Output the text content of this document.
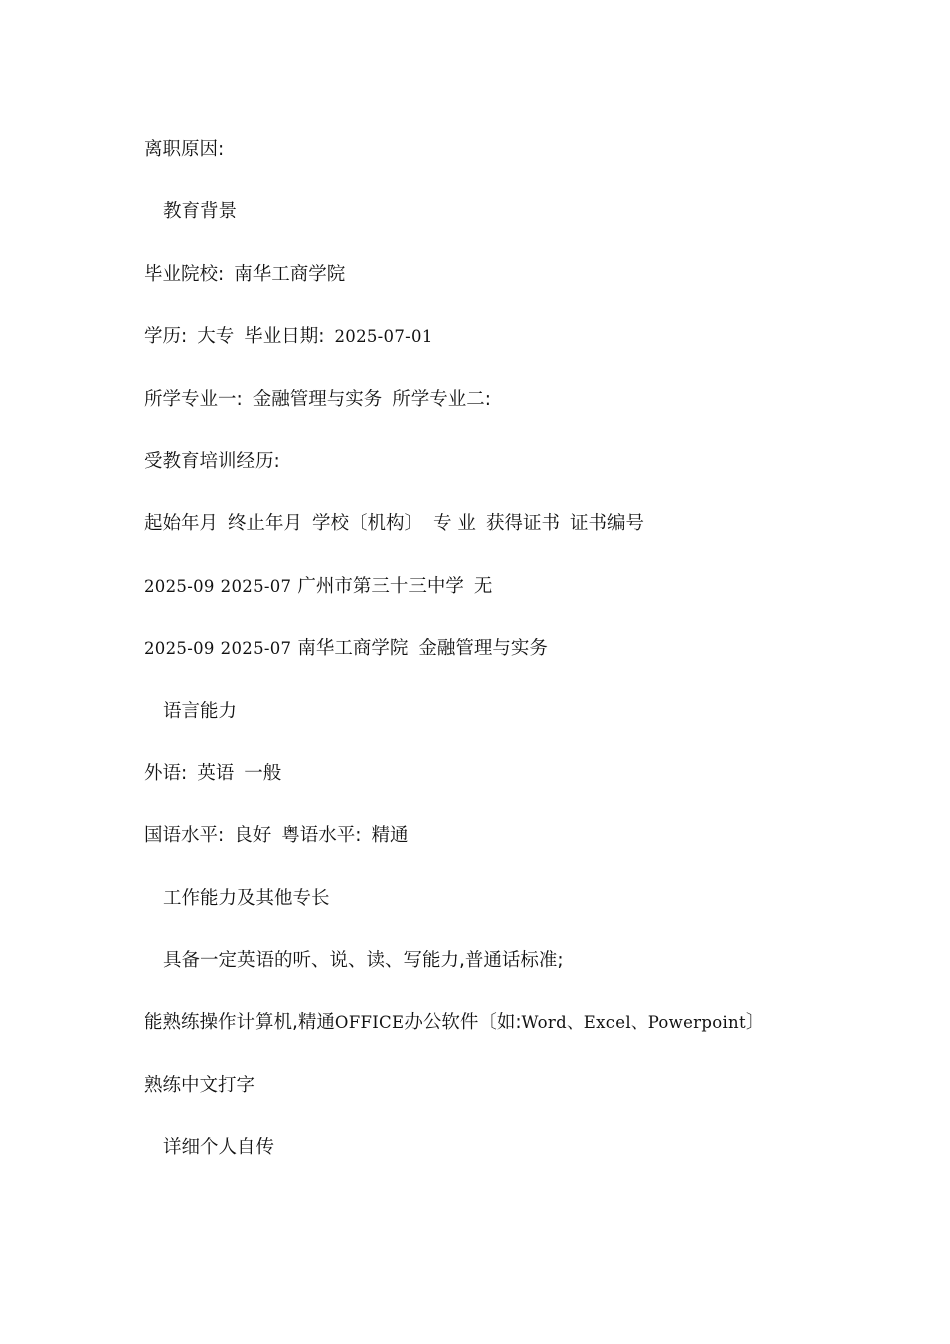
离职原因:
教育背景
毕业院校: 南华工商学院
学历: 大专 毕业日期: 2025-07-01
所学专业一: 金融管理与实务 所学专业二:
受教育培训经历:
起始年月 终止年月 学校〔机构〕 专 业 获得证书 证书编号
2025-09 2025-07 广州市第三十三中学 无
2025-09 2025-07 南华工商学院 金融管理与实务
语言能力
外语: 英语 一般
国语水平: 良好 粤语水平: 精通
工作能力及其他专长
具备一定英语的听、说、读、写能力,普通话标准;
能熟练操作计算机,精通OFFICE办公软件〔如:Word、Excel、Powerpoint〕
熟练中文打字
详细个人自传
